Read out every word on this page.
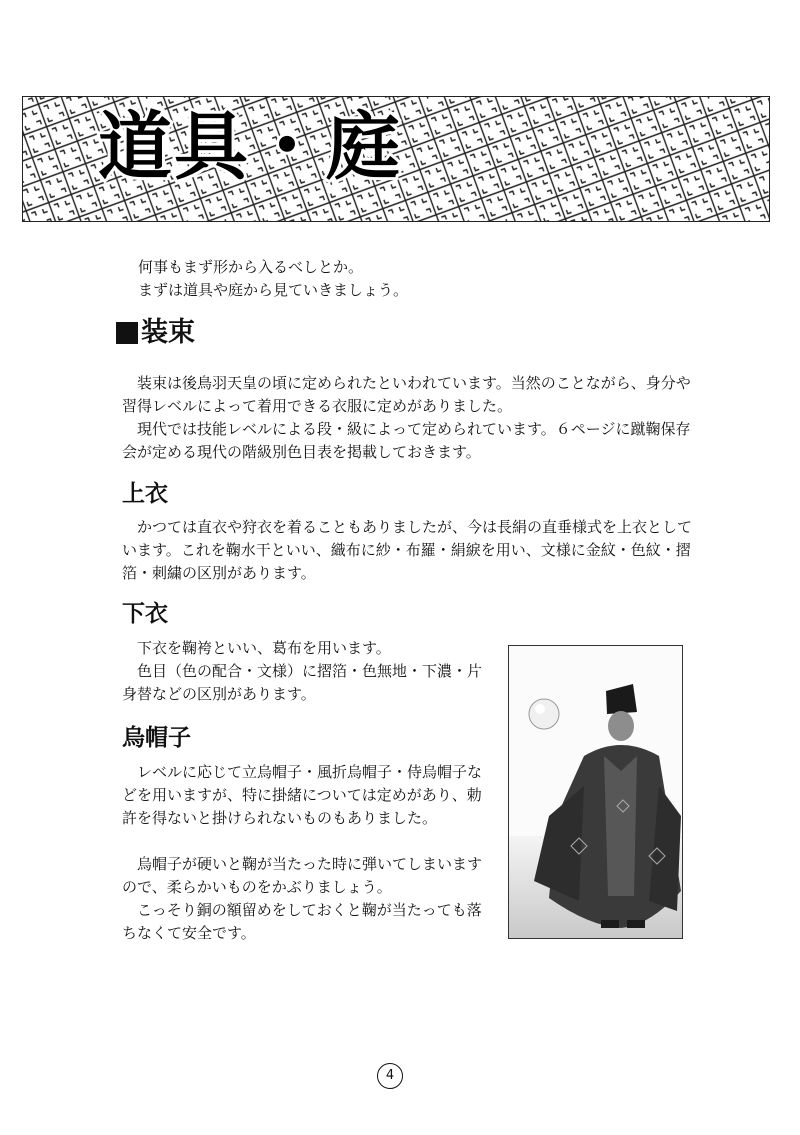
道具・庭

何事もまず形から入るべしとか。

まずは道具や庭から見ていきましょう。

装束

装束は後鳥羽天皇の頃に定められたといわれています。当然のことながら、身分や習得レベルによって着用できる衣服に定めがありました。

現代では技能レベルによる段・級によって定められています。６ページに蹴鞠保存会が定める現代の階級別色目表を掲載しておきます。

上衣

かつては直衣や狩衣を着ることもありましたが、今は長絹の直垂様式を上衣としています。これを鞠水干といい、織布に紗・布羅・絹綟を用い、文様に金紋・色紋・摺箔・刺繍の区別があります。

下衣

下衣を鞠袴といい、葛布を用います。

色目（色の配合・文様）に摺箔・色無地・下濃・片身替などの区別があります。

烏帽子

レベルに応じて立烏帽子・風折烏帽子・侍烏帽子などを用いますが、特に掛緒については定めがあり、勅許を得ないと掛けられないものもありました。

烏帽子が硬いと鞠が当たった時に弾いてしまいますので、柔らかいものをかぶりましょう。

こっそり銅の額留めをしておくと鞠が当たっても落ちなくて安全です。

4
